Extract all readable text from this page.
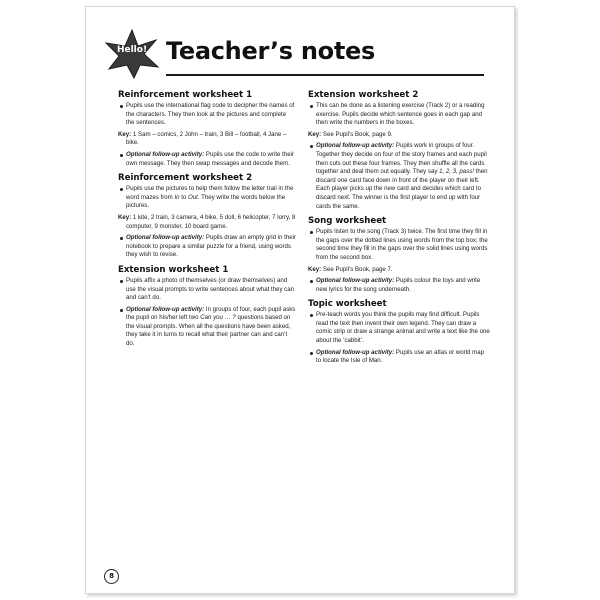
Hello! Teacher’s notes
Reinforcement worksheet 1
Pupils use the international flag code to decipher the names of the characters. They then look at the pictures and complete the sentences.
Key: 1 Sam – comics, 2 John – train, 3 Bill – football, 4 Jane – bike.
Optional follow-up activity: Pupils use the code to write their own message. They then swap messages and decode them.
Reinforcement worksheet 2
Pupils use the pictures to help them follow the letter trail in the word mazes from In to Out. They write the words below the pictures.
Key: 1 kite, 2 train, 3 camera, 4 bike, 5 doll, 6 helicopter, 7 lorry, 8 computer, 9 monster, 10 board game.
Optional follow-up activity: Pupils draw an empty grid in their notebook to prepare a similar puzzle for a friend, using words they wish to revise.
Extension worksheet 1
Pupils affix a photo of themselves (or draw themselves) and use the visual prompts to write sentences about what they can and can’t do.
Optional follow-up activity: In groups of four, each pupil asks the pupil on his/her left two Can you … ? questions based on the visual prompts. When all the questions have been asked, they take it in turns to recall what their partner can and can’t do.
Extension worksheet 2
This can be done as a listening exercise (Track 2) or a reading exercise. Pupils decide which sentence goes in each gap and then write the numbers in the boxes.
Key: See Pupil’s Book, page 9.
Optional follow-up activity: Pupils work in groups of four. Together they decide on four of the story frames and each pupil then cuts out these four frames. They then shuffle all the cards together and deal them out equally. They say 1, 2, 3, pass! then discard one card face down in front of the player on their left. Each player picks up the new card and decides which card to discard next. The winner is the first player to end up with four cards the same.
Song worksheet
Pupils listen to the song (Track 3) twice. The first time they fill in the gaps over the dotted lines using words from the top box; the second time they fill in the gaps over the solid lines using words from the second box.
Key: See Pupil’s Book, page 7.
Optional follow-up activity: Pupils colour the toys and write new lyrics for the song underneath.
Topic worksheet
Pre-teach words you think the pupils may find difficult. Pupils read the text then invent their own legend. They can draw a comic strip or draw a strange animal and write a text like the one about the ‘cabbit’.
Optional follow-up activity: Pupils use an atlas or world map to locate the Isle of Man.
8
